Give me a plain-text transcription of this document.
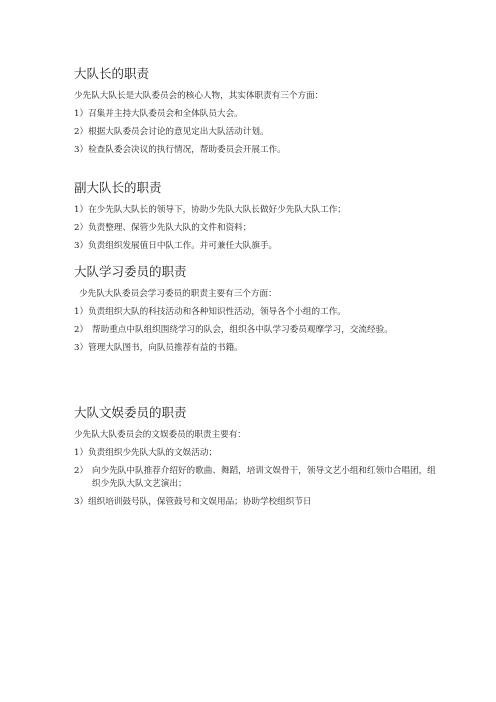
大队长的职责
少先队大队长是大队委员会的核心人物，其实体职责有三个方面：
1）召集并主持大队委员会和全体队员大会。
2）根据大队委员会讨论的意见定出大队活动计划。
3）检查队委会决议的执行情况，帮助委员会开展工作。
副大队长的职责
1）在少先队大队长的领导下，协助少先队大队长做好少先队大队工作；
2）负责整理、保管少先队大队的文件和资料；
3）负责组织发展值日中队工作。并可兼任大队旗手。
大队学习委员的职责
少先队大队委员会学习委员的职责主要有三个方面：
1）负责组织大队的科技活动和各种知识性活动，领导各个小组的工作。
2） 帮助重点中队组织围绕学习的队会，组织各中队学习委员观摩学习，交流经验。
3）管理大队图书，向队员推荐有益的书籍。
大队文娱委员的职责
少先队大队委员会的文娱委员的职责主要有：
1）负责组织少先队大队的文娱活动；
2） 向少先队中队推荐介绍好的歌曲、舞蹈，培训文娱骨干，领导文艺小组和红领巾合唱团，组织少先队大队文艺演出；
3）组织培训鼓号队，保管鼓号和文娱用品；协助学校组织节日
